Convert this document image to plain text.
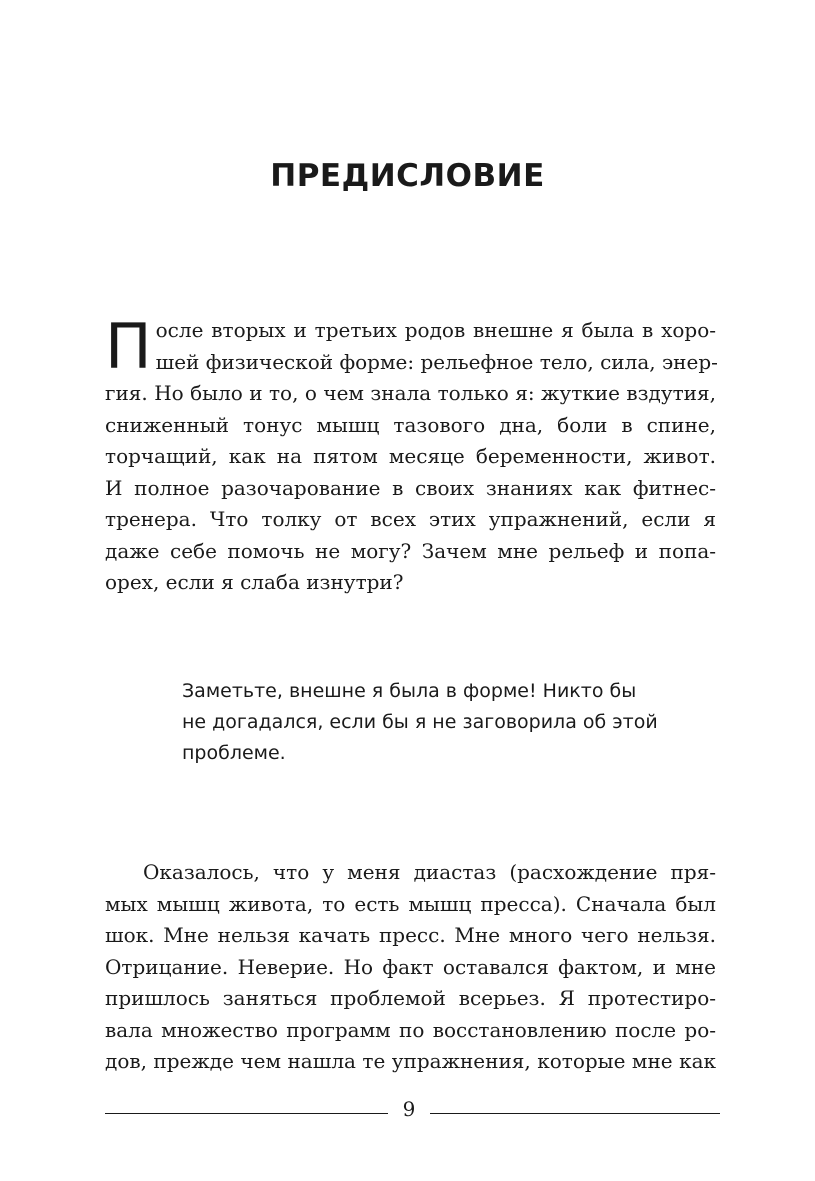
ПРЕДИСЛОВИЕ
П осле вторых и третьих родов внешне я была в хоро-
шей физической форме: рельефное тело, сила, энер-
гия. Но было и то, о чем знала только я: жуткие вздутия,
сниженный тонус мышц тазового дна, боли в спине,
торчащий, как на пятом месяце беременности, живот.
И полное разочарование в своих знаниях как фитнес-
тренера. Что толку от всех этих упражнений, если я
даже себе помочь не могу? Зачем мне рельеф и попа-
орех, если я слаба изнутри?
Заметьте, внешне я была в форме! Никто бы
не догадался, если бы я не заговорила об этой
проблеме.
Оказалось, что у меня диастаз (расхождение пря-
мых мышц живота, то есть мышц пресса). Сначала был
шок. Мне нельзя качать пресс. Мне много чего нельзя.
Отрицание. Неверие. Но факт оставался фактом, и мне
пришлось заняться проблемой всерьез. Я протестиро-
вала множество программ по восстановлению после ро-
дов, прежде чем нашла те упражнения, которые мне как
9
